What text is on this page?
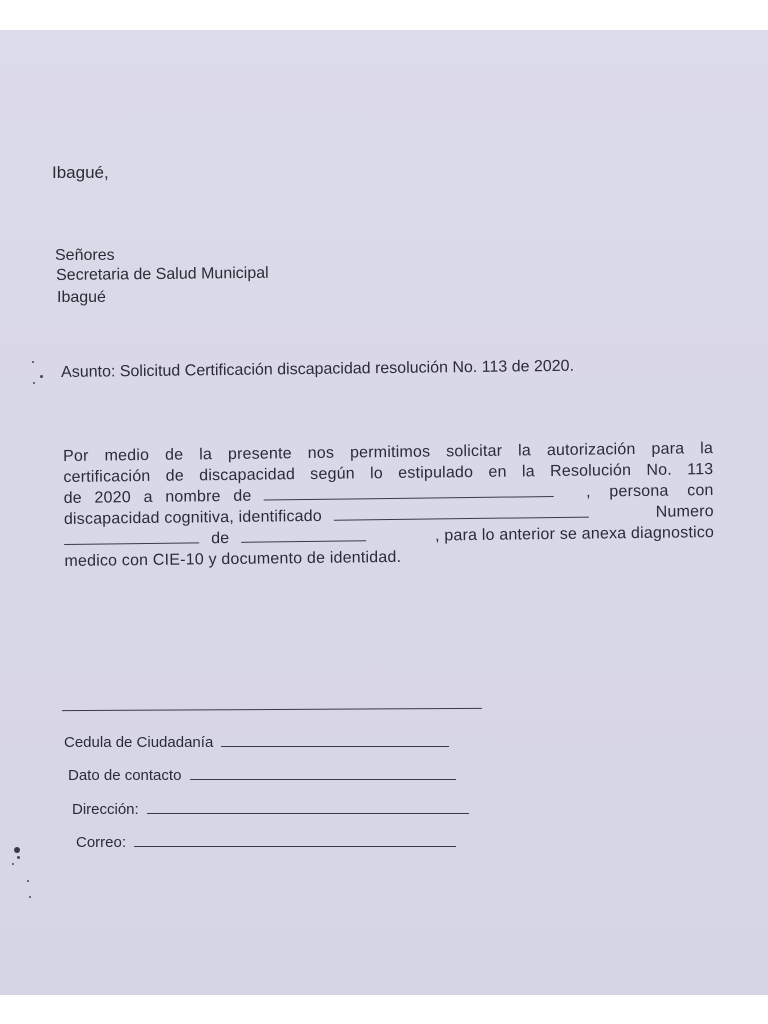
Ibagué,
Señores
Secretaria de Salud Municipal
Ibagué
Asunto: Solicitud Certificación discapacidad resolución No. 113 de 2020.
Por medio de la presente nos permitimos solicitar la autorización para la
certificación de discapacidad según lo estipulado en la Resolución No. 113
de 2020 a nombre de	, persona con
discapacidad cognitiva, identificado	Numero
de	, para lo anterior se anexa diagnostico
medico con CIE-10 y documento de identidad.
Cedula de Ciudadanía
Dato de contacto
Dirección:
Correo:
